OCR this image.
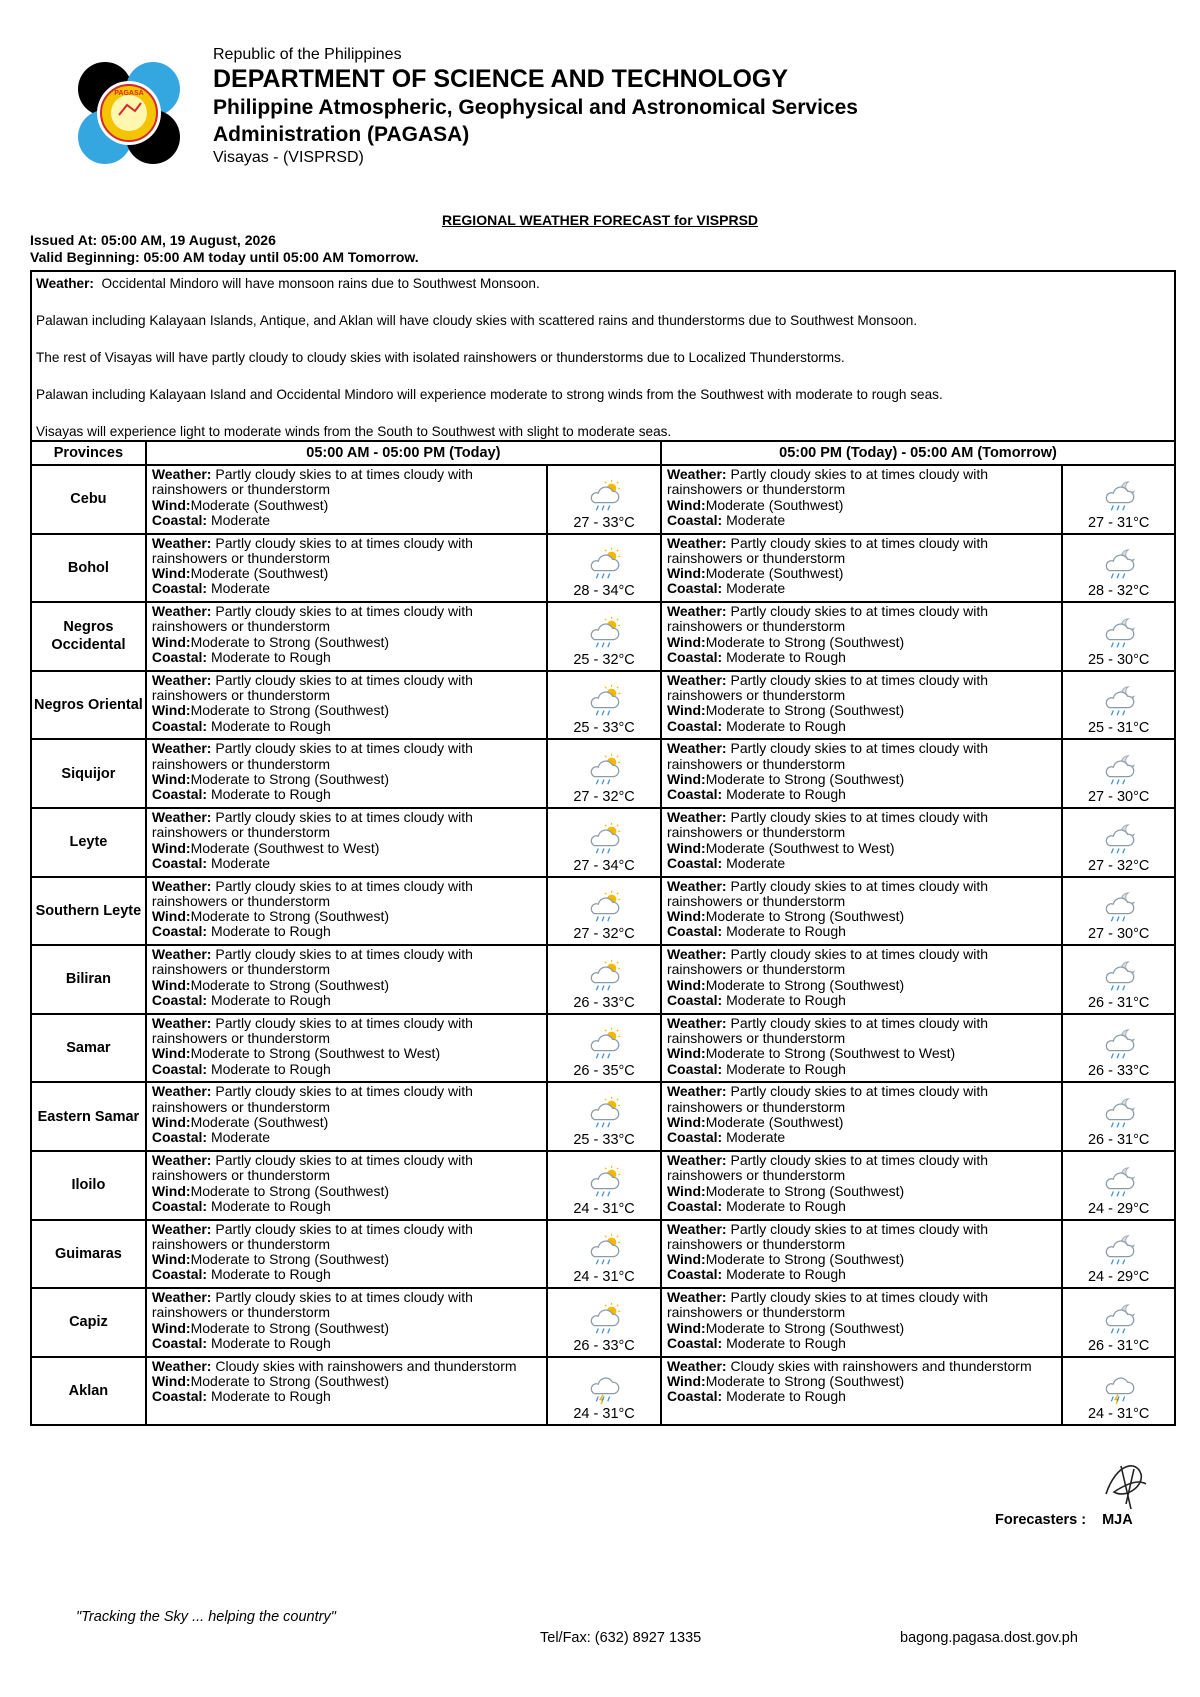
PAGASA
Republic of the Philippines
DEPARTMENT OF SCIENCE AND TECHNOLOGY
Philippine Atmospheric, Geophysical and Astronomical Services
Administration (PAGASA)
Visayas - (VISPRSD)
REGIONAL WEATHER FORECAST for VISPRSD
Issued At: 05:00 AM, 19 August, 2026
Valid Beginning: 05:00 AM today until 05:00 AM Tomorrow.

Weather: Occidental Mindoro will have monsoon rains due to Southwest Monsoon.

Palawan including Kalayaan Islands, Antique, and Aklan will have cloudy skies with scattered rains and thunderstorms due to Southwest Monsoon.

The rest of Visayas will have partly cloudy to cloudy skies with isolated rainshowers or thunderstorms due to Localized Thunderstorms.

Palawan including Kalayaan Island and Occidental Mindoro will experience moderate to strong winds from the Southwest with moderate to rough seas.

Visayas will experience light to moderate winds from the South to Southwest with slight to moderate seas.

Provinces	05:00 AM - 05:00 PM (Today)		05:00 PM (Today) - 05:00 AM (Tomorrow)	
Cebu	Weather: Partly cloudy skies to at times cloudy with rainshowers or thunderstorm
Wind:Moderate (Southwest)
Coastal: Moderate	27 - 33°C	Weather: Partly cloudy skies to at times cloudy with rainshowers or thunderstorm
Wind:Moderate (Southwest)
Coastal: Moderate	27 - 31°C

Bohol	Weather: Partly cloudy skies to at times cloudy with rainshowers or thunderstorm
Wind:Moderate (Southwest)
Coastal: Moderate	28 - 34°C	Weather: Partly cloudy skies to at times cloudy with rainshowers or thunderstorm
Wind:Moderate (Southwest)
Coastal: Moderate	28 - 32°C

Negros Occidental	Weather: Partly cloudy skies to at times cloudy with rainshowers or thunderstorm
Wind:Moderate to Strong (Southwest)
Coastal: Moderate to Rough	25 - 32°C	Weather: Partly cloudy skies to at times cloudy with rainshowers or thunderstorm
Wind:Moderate to Strong (Southwest)
Coastal: Moderate to Rough	25 - 30°C

Negros Oriental	Weather: Partly cloudy skies to at times cloudy with rainshowers or thunderstorm
Wind:Moderate to Strong (Southwest)
Coastal: Moderate to Rough	25 - 33°C	Weather: Partly cloudy skies to at times cloudy with rainshowers or thunderstorm
Wind:Moderate to Strong (Southwest)
Coastal: Moderate to Rough	25 - 31°C

Siquijor	Weather: Partly cloudy skies to at times cloudy with rainshowers or thunderstorm
Wind:Moderate to Strong (Southwest)
Coastal: Moderate to Rough	27 - 32°C	Weather: Partly cloudy skies to at times cloudy with rainshowers or thunderstorm
Wind:Moderate to Strong (Southwest)
Coastal: Moderate to Rough	27 - 30°C

Leyte	Weather: Partly cloudy skies to at times cloudy with rainshowers or thunderstorm
Wind:Moderate (Southwest to West)
Coastal: Moderate	27 - 34°C	Weather: Partly cloudy skies to at times cloudy with rainshowers or thunderstorm
Wind:Moderate (Southwest to West)
Coastal: Moderate	27 - 32°C

Southern Leyte	Weather: Partly cloudy skies to at times cloudy with rainshowers or thunderstorm
Wind:Moderate to Strong (Southwest)
Coastal: Moderate to Rough	27 - 32°C	Weather: Partly cloudy skies to at times cloudy with rainshowers or thunderstorm
Wind:Moderate to Strong (Southwest)
Coastal: Moderate to Rough	27 - 30°C

Biliran	Weather: Partly cloudy skies to at times cloudy with rainshowers or thunderstorm
Wind:Moderate to Strong (Southwest)
Coastal: Moderate to Rough	26 - 33°C	Weather: Partly cloudy skies to at times cloudy with rainshowers or thunderstorm
Wind:Moderate to Strong (Southwest)
Coastal: Moderate to Rough	26 - 31°C

Samar	Weather: Partly cloudy skies to at times cloudy with rainshowers or thunderstorm
Wind:Moderate to Strong (Southwest to West)
Coastal: Moderate to Rough	26 - 35°C	Weather: Partly cloudy skies to at times cloudy with rainshowers or thunderstorm
Wind:Moderate to Strong (Southwest to West)
Coastal: Moderate to Rough	26 - 33°C

Eastern Samar	Weather: Partly cloudy skies to at times cloudy with rainshowers or thunderstorm
Wind:Moderate (Southwest)
Coastal: Moderate	25 - 33°C	Weather: Partly cloudy skies to at times cloudy with rainshowers or thunderstorm
Wind:Moderate (Southwest)
Coastal: Moderate	26 - 31°C

Iloilo	Weather: Partly cloudy skies to at times cloudy with rainshowers or thunderstorm
Wind:Moderate to Strong (Southwest)
Coastal: Moderate to Rough	24 - 31°C	Weather: Partly cloudy skies to at times cloudy with rainshowers or thunderstorm
Wind:Moderate to Strong (Southwest)
Coastal: Moderate to Rough	24 - 29°C

Guimaras	Weather: Partly cloudy skies to at times cloudy with rainshowers or thunderstorm
Wind:Moderate to Strong (Southwest)
Coastal: Moderate to Rough	24 - 31°C	Weather: Partly cloudy skies to at times cloudy with rainshowers or thunderstorm
Wind:Moderate to Strong (Southwest)
Coastal: Moderate to Rough	24 - 29°C

Capiz	Weather: Partly cloudy skies to at times cloudy with rainshowers or thunderstorm
Wind:Moderate to Strong (Southwest)
Coastal: Moderate to Rough	26 - 33°C	Weather: Partly cloudy skies to at times cloudy with rainshowers or thunderstorm
Wind:Moderate to Strong (Southwest)
Coastal: Moderate to Rough	26 - 31°C

Aklan	Weather: Cloudy skies with rainshowers and thunderstorm
Wind:Moderate to Strong (Southwest)
Coastal: Moderate to Rough	24 - 31°C	Weather: Cloudy skies with rainshowers and thunderstorm
Wind:Moderate to Strong (Southwest)
Coastal: Moderate to Rough	24 - 31°C
Forecasters : MJA
"Tracking the Sky ... helping the country"
Tel/Fax: (632) 8927 1335	bagong.pagasa.dost.gov.ph
